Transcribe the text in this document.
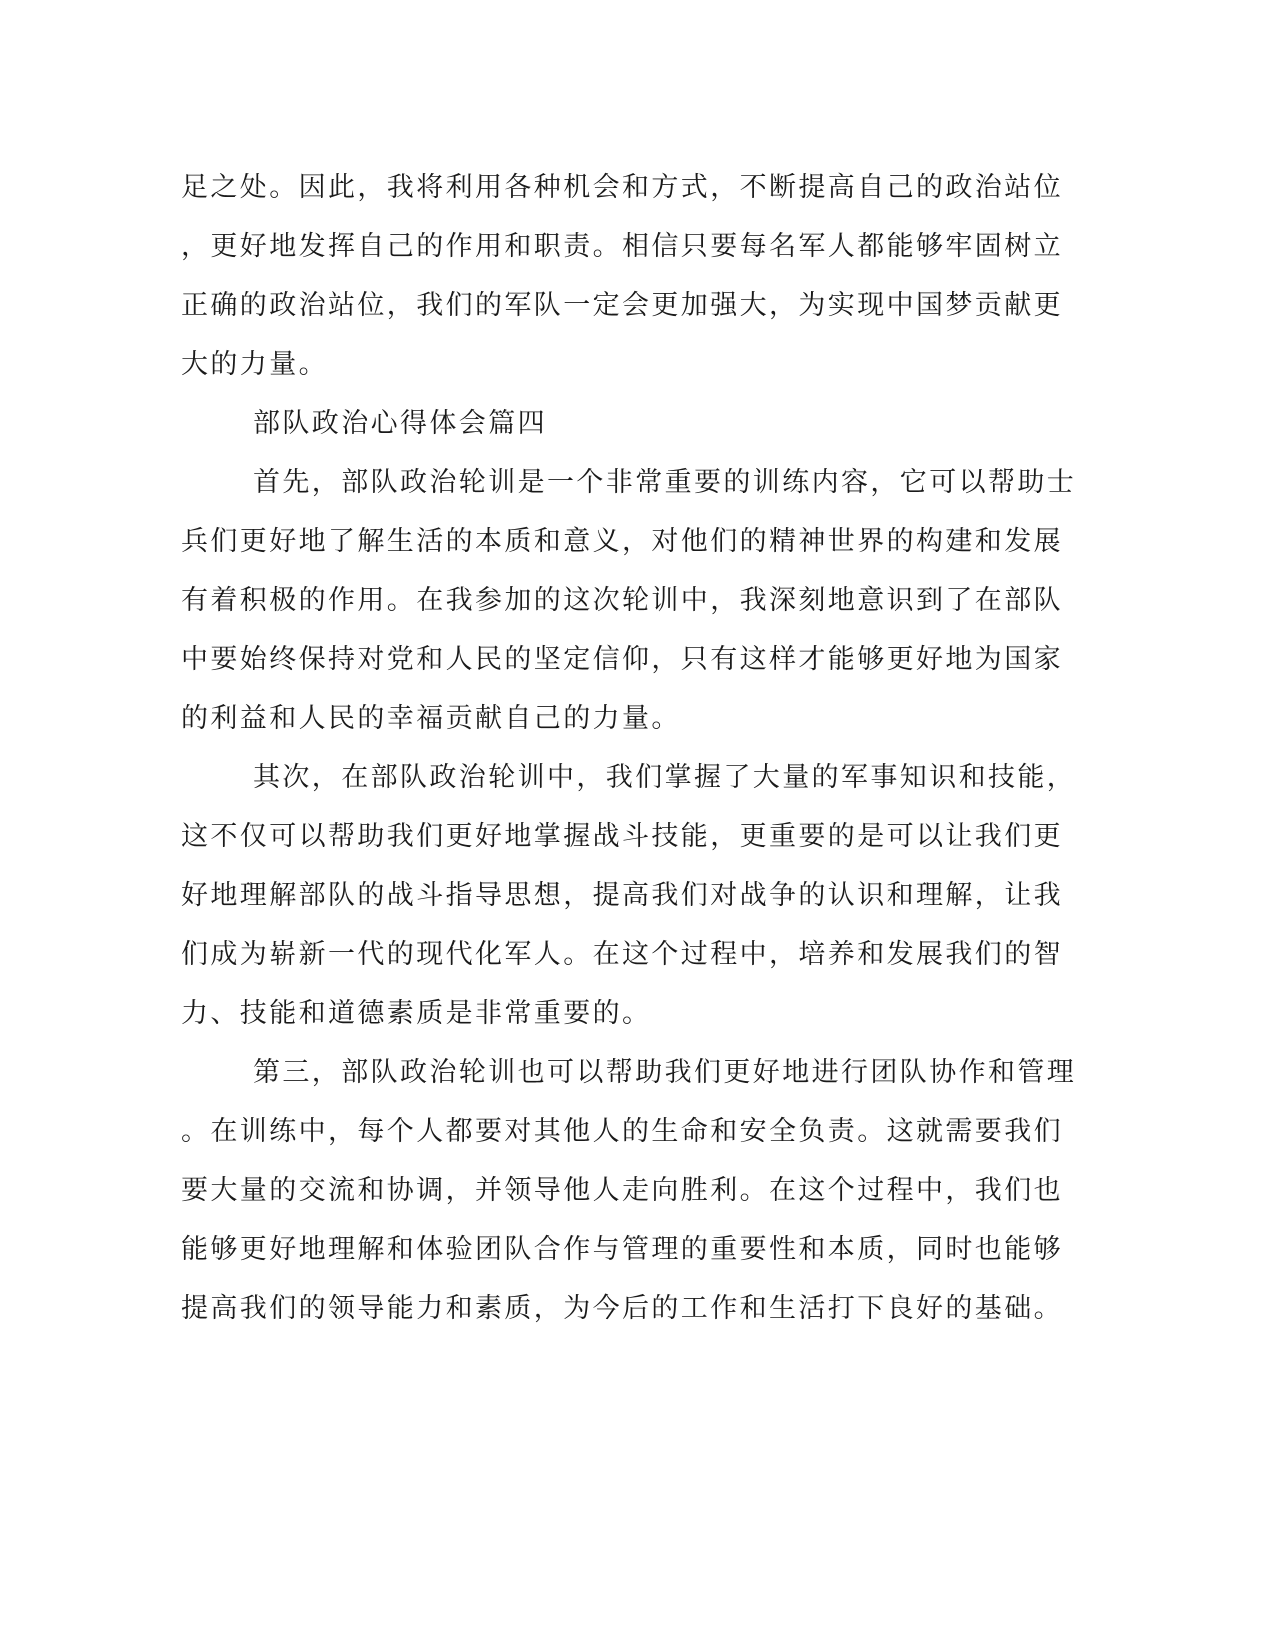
足之处。因此，我将利用各种机会和方式，不断提高自己的政治站位
，更好地发挥自己的作用和职责。相信只要每名军人都能够牢固树立
正确的政治站位，我们的军队一定会更加强大，为实现中国梦贡献更
大的力量。
部队政治心得体会篇四
首先，部队政治轮训是一个非常重要的训练内容，它可以帮助士
兵们更好地了解生活的本质和意义，对他们的精神世界的构建和发展
有着积极的作用。在我参加的这次轮训中，我深刻地意识到了在部队
中要始终保持对党和人民的坚定信仰，只有这样才能够更好地为国家
的利益和人民的幸福贡献自己的力量。
其次，在部队政治轮训中，我们掌握了大量的军事知识和技能，
这不仅可以帮助我们更好地掌握战斗技能，更重要的是可以让我们更
好地理解部队的战斗指导思想，提高我们对战争的认识和理解，让我
们成为崭新一代的现代化军人。在这个过程中，培养和发展我们的智
力、技能和道德素质是非常重要的。
第三，部队政治轮训也可以帮助我们更好地进行团队协作和管理
。在训练中，每个人都要对其他人的生命和安全负责。这就需要我们
要大量的交流和协调，并领导他人走向胜利。在这个过程中，我们也
能够更好地理解和体验团队合作与管理的重要性和本质，同时也能够
提高我们的领导能力和素质，为今后的工作和生活打下良好的基础。
